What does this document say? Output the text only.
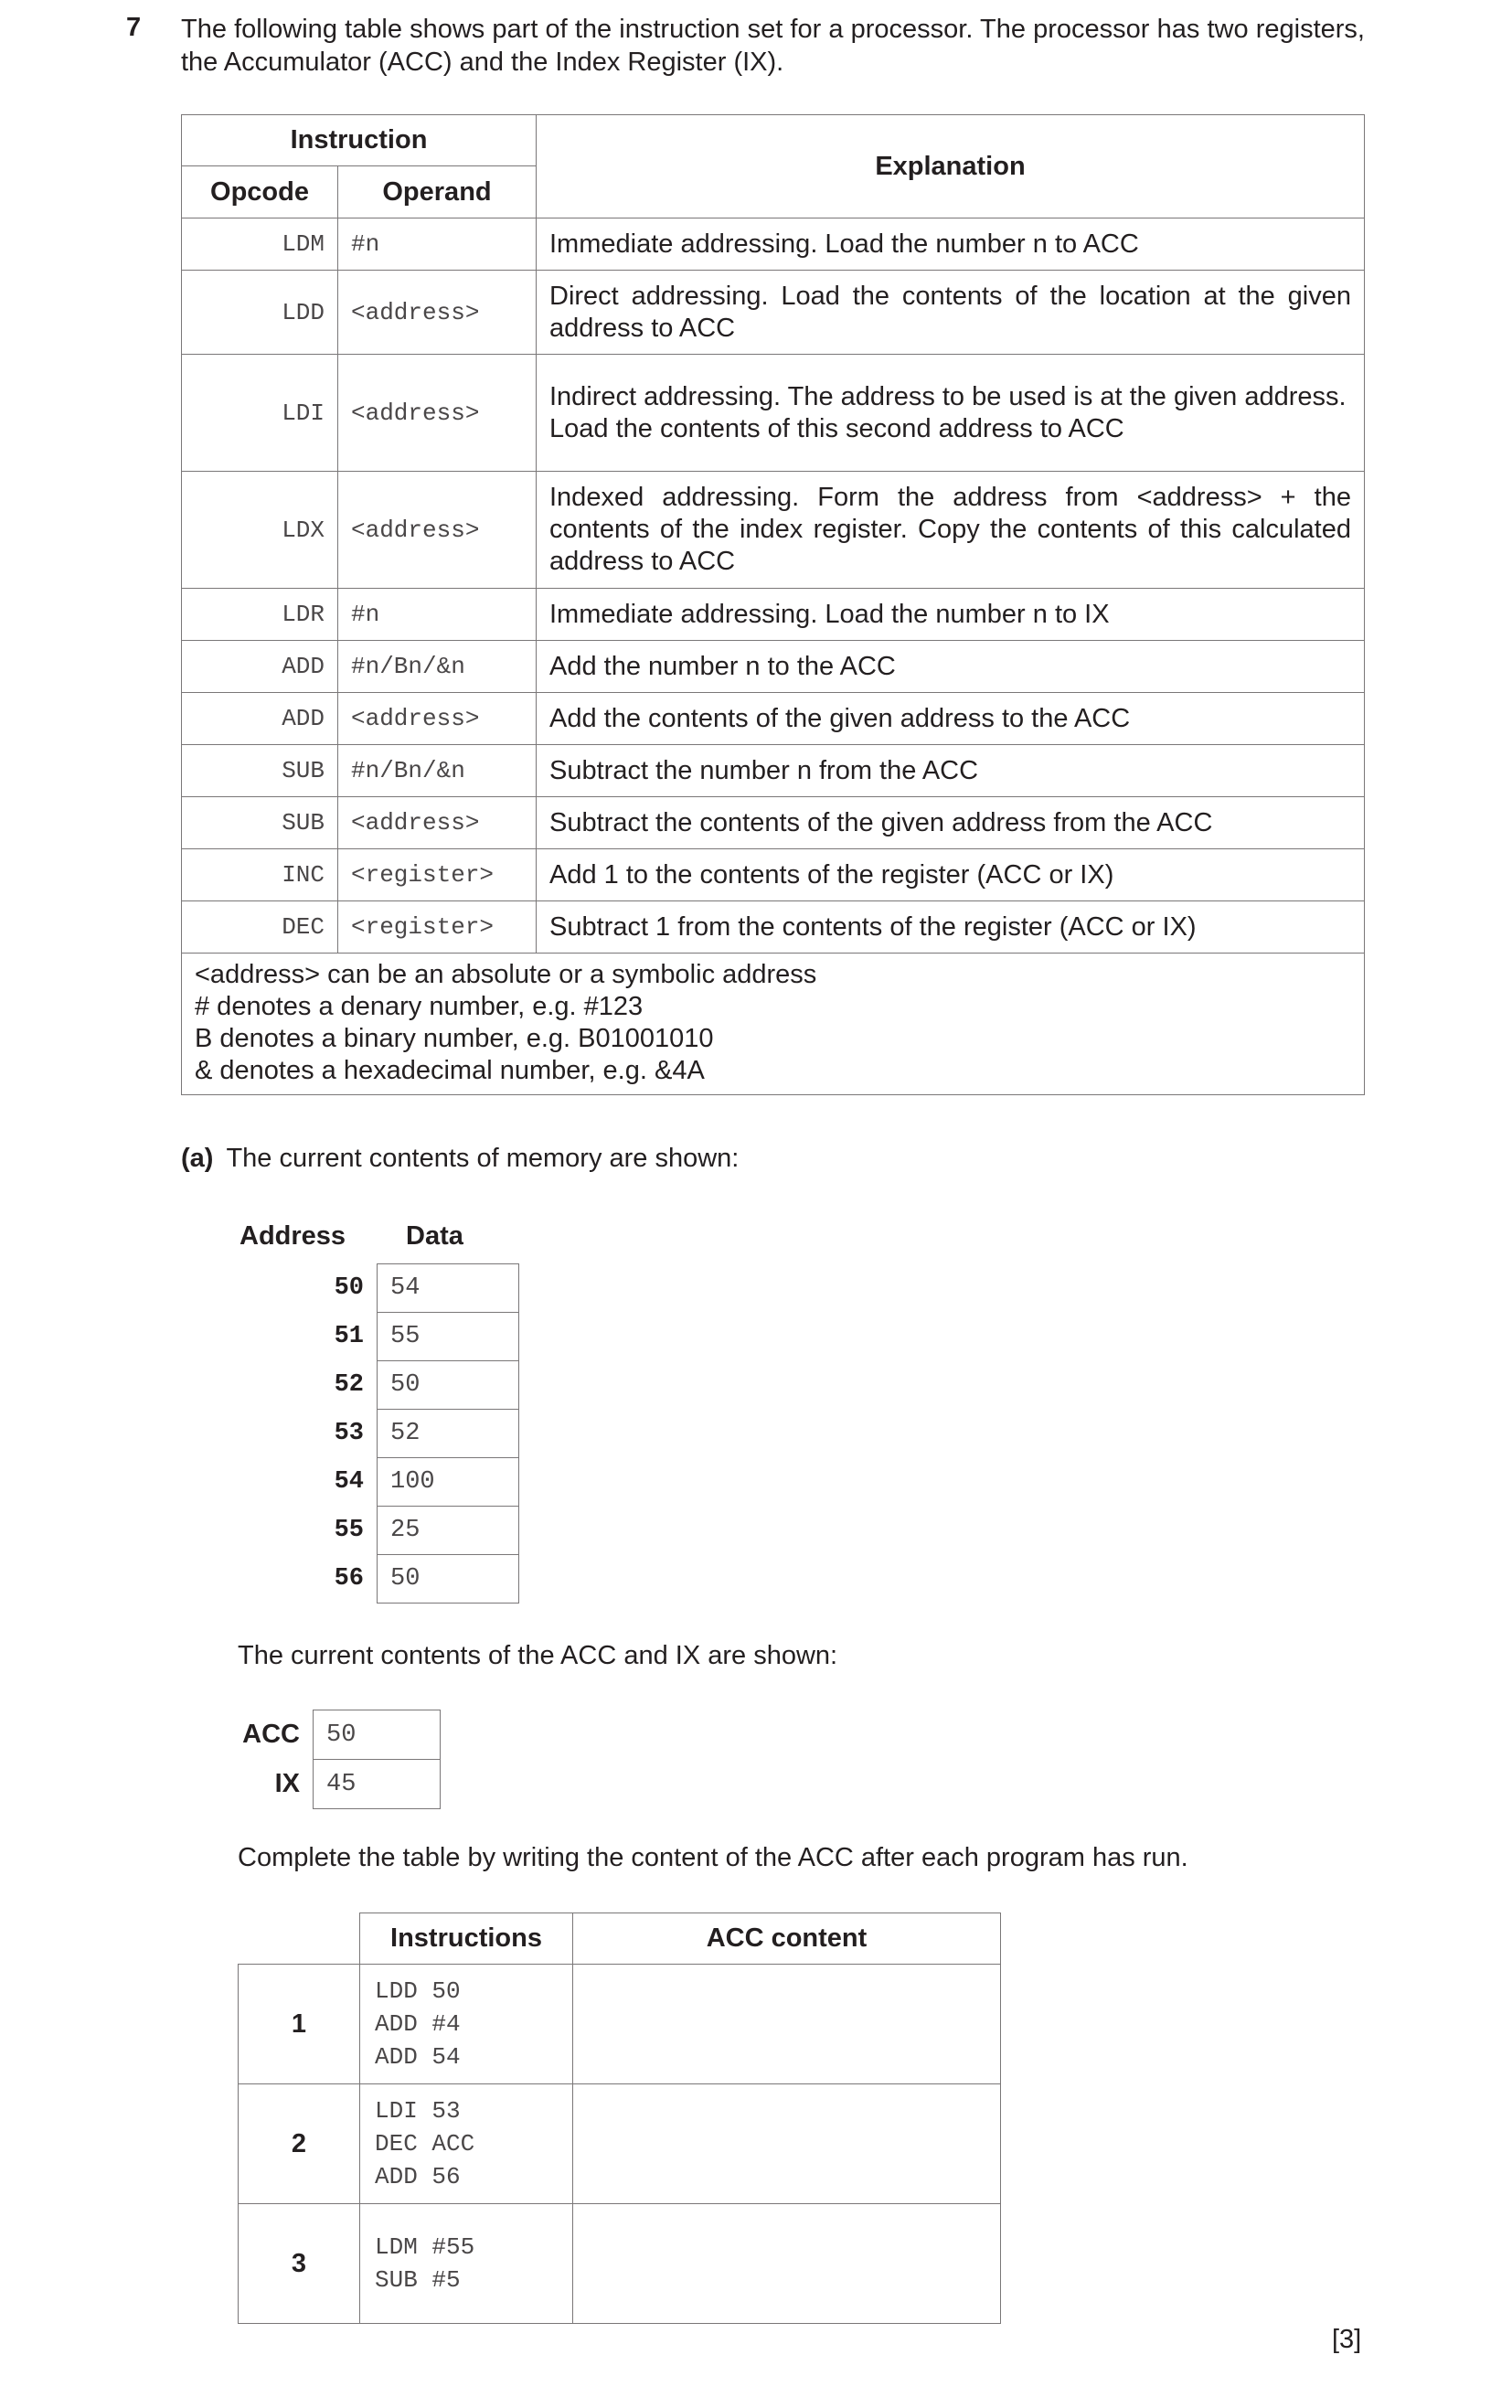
7 The following table shows part of the instruction set for a processor. The processor has two registers, the Accumulator (ACC) and the Index Register (IX).
Instruction		Explanation
Opcode	Operand	
LDM	#n	Immediate addressing. Load the number n to ACC
LDD	<address>	Direct addressing. Load the contents of the location at the given address to ACC
LDI	<address>	Indirect addressing. The address to be used is at the given address.
Load the contents of this second address to ACC

LDX	<address>	Indexed addressing. Form the address from <address> + the contents of the index register. Copy the contents of this calculated address to ACC
LDR	#n	Immediate addressing. Load the number n to IX
ADD	#n/Bn/&n	Add the number n to the ACC
ADD	<address>	Add the contents of the given address to the ACC
SUB	#n/Bn/&n	Subtract the number n from the ACC
SUB	<address>	Subtract the contents of the given address from the ACC
INC	<register>	Add 1 to the contents of the register (ACC or IX)
DEC	<register>	Subtract 1 from the contents of the register (ACC or IX)

<address> can be an absolute or a symbolic address
# denotes a denary number, e.g. #123
B denotes a binary number, e.g. B01001010
& denotes a hexadecimal number, e.g. &4A		
(a) The current contents of memory are shown:
Address Data
50	54
51	55
52	50
53	52
54	100
55	25
56	50
The current contents of the ACC and IX are shown:
ACC	50
IX	45
Complete the table by writing the content of the ACC after each program has run.
	Instructions	ACC content
1	LDD 50
ADD #4
ADD 54	
2	LDI 53
DEC ACC
ADD 56	
3	LDM #55
SUB #5	
[3]
